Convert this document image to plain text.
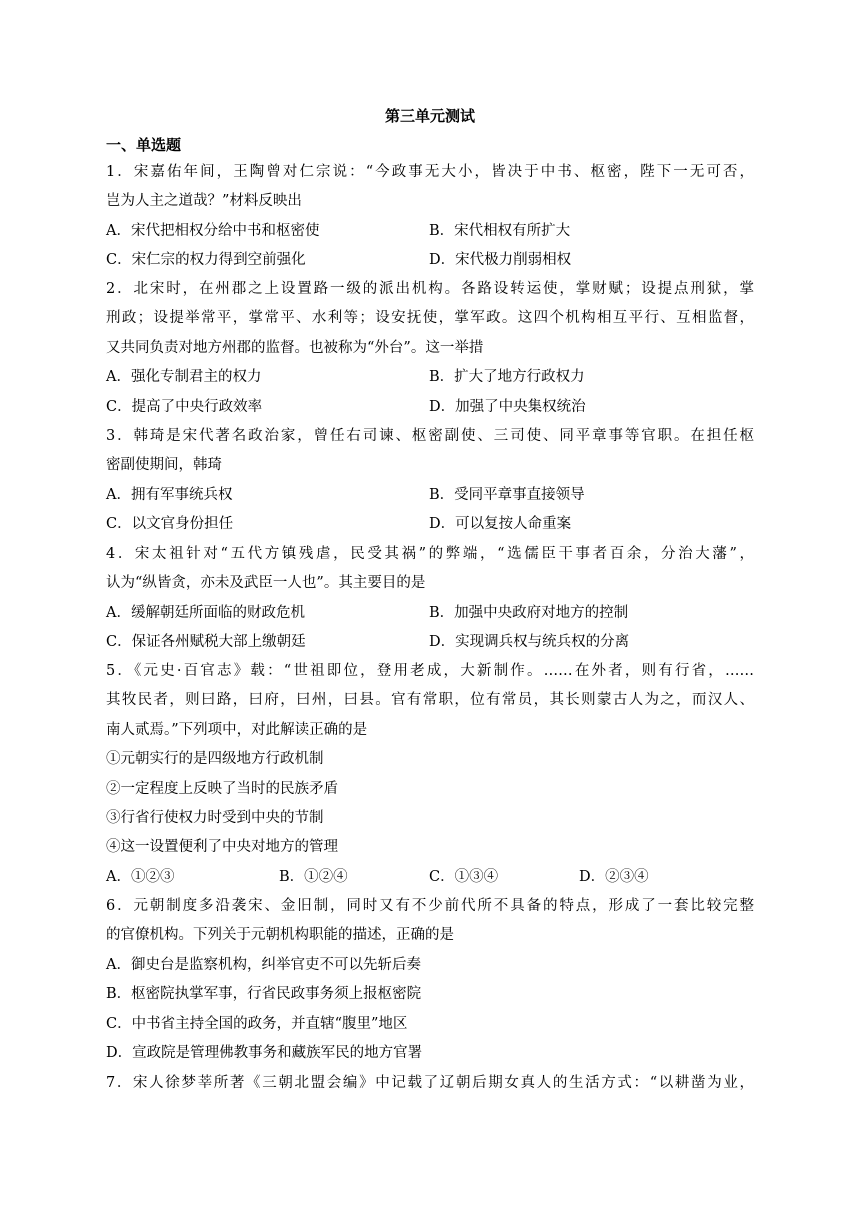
第三单元测试
一、单选题
1．宋嘉佑年间，王陶曾对仁宗说：“今政事无大小，皆决于中书、枢密，陛下一无可否，
岂为人主之道哉？”材料反映出
A．宋代把相权分给中书和枢密使	B．宋代相权有所扩大
C．宋仁宗的权力得到空前强化	D．宋代极力削弱相权
2．北宋时，在州郡之上设置路一级的派出机构。各路设转运使，掌财赋；设提点刑狱，掌
刑政；设提举常平，掌常平、水利等；设安抚使，掌军政。这四个机构相互平行、互相监督，
又共同负责对地方州郡的监督。也被称为“外台”。这一举措
A．强化专制君主的权力	B．扩大了地方行政权力
C．提高了中央行政效率	D．加强了中央集权统治
3．韩琦是宋代著名政治家，曾任右司谏、枢密副使、三司使、同平章事等官职。在担任枢
密副使期间，韩琦
A．拥有军事统兵权	B．受同平章事直接领导
C．以文官身份担任	D．可以复按人命重案
4．宋太祖针对“五代方镇残虐，民受其祸”的弊端，“选儒臣干事者百余，分治大藩”，
认为“纵皆贪，亦未及武臣一人也”。其主要目的是
A．缓解朝廷所面临的财政危机	B．加强中央政府对地方的控制
C．保证各州赋税大部上缴朝廷	D．实现调兵权与统兵权的分离
5．《元史·百官志》载：“世祖即位，登用老成，大新制作。……在外者，则有行省，……
其牧民者，则曰路，曰府，曰州，曰县。官有常职，位有常员，其长则蒙古人为之，而汉人、
南人贰焉。”下列项中，对此解读正确的是
①元朝实行的是四级地方行政机制
②一定程度上反映了当时的民族矛盾
③行省行使权力时受到中央的节制
④这一设置便利了中央对地方的管理
A．①②③	B．①②④	C．①③④	D．②③④
6．元朝制度多沿袭宋、金旧制，同时又有不少前代所不具备的特点，形成了一套比较完整
的官僚机构。下列关于元朝机构职能的描述，正确的是
A．御史台是监察机构，纠举官吏不可以先斩后奏
B．枢密院执掌军事，行省民政事务须上报枢密院
C．中书省主持全国的政务，并直辖“腹里”地区
D．宣政院是管理佛教事务和藏族军民的地方官署
7．宋人徐梦莘所著《三朝北盟会编》中记载了辽朝后期女真人的生活方式：“以耕凿为业，
